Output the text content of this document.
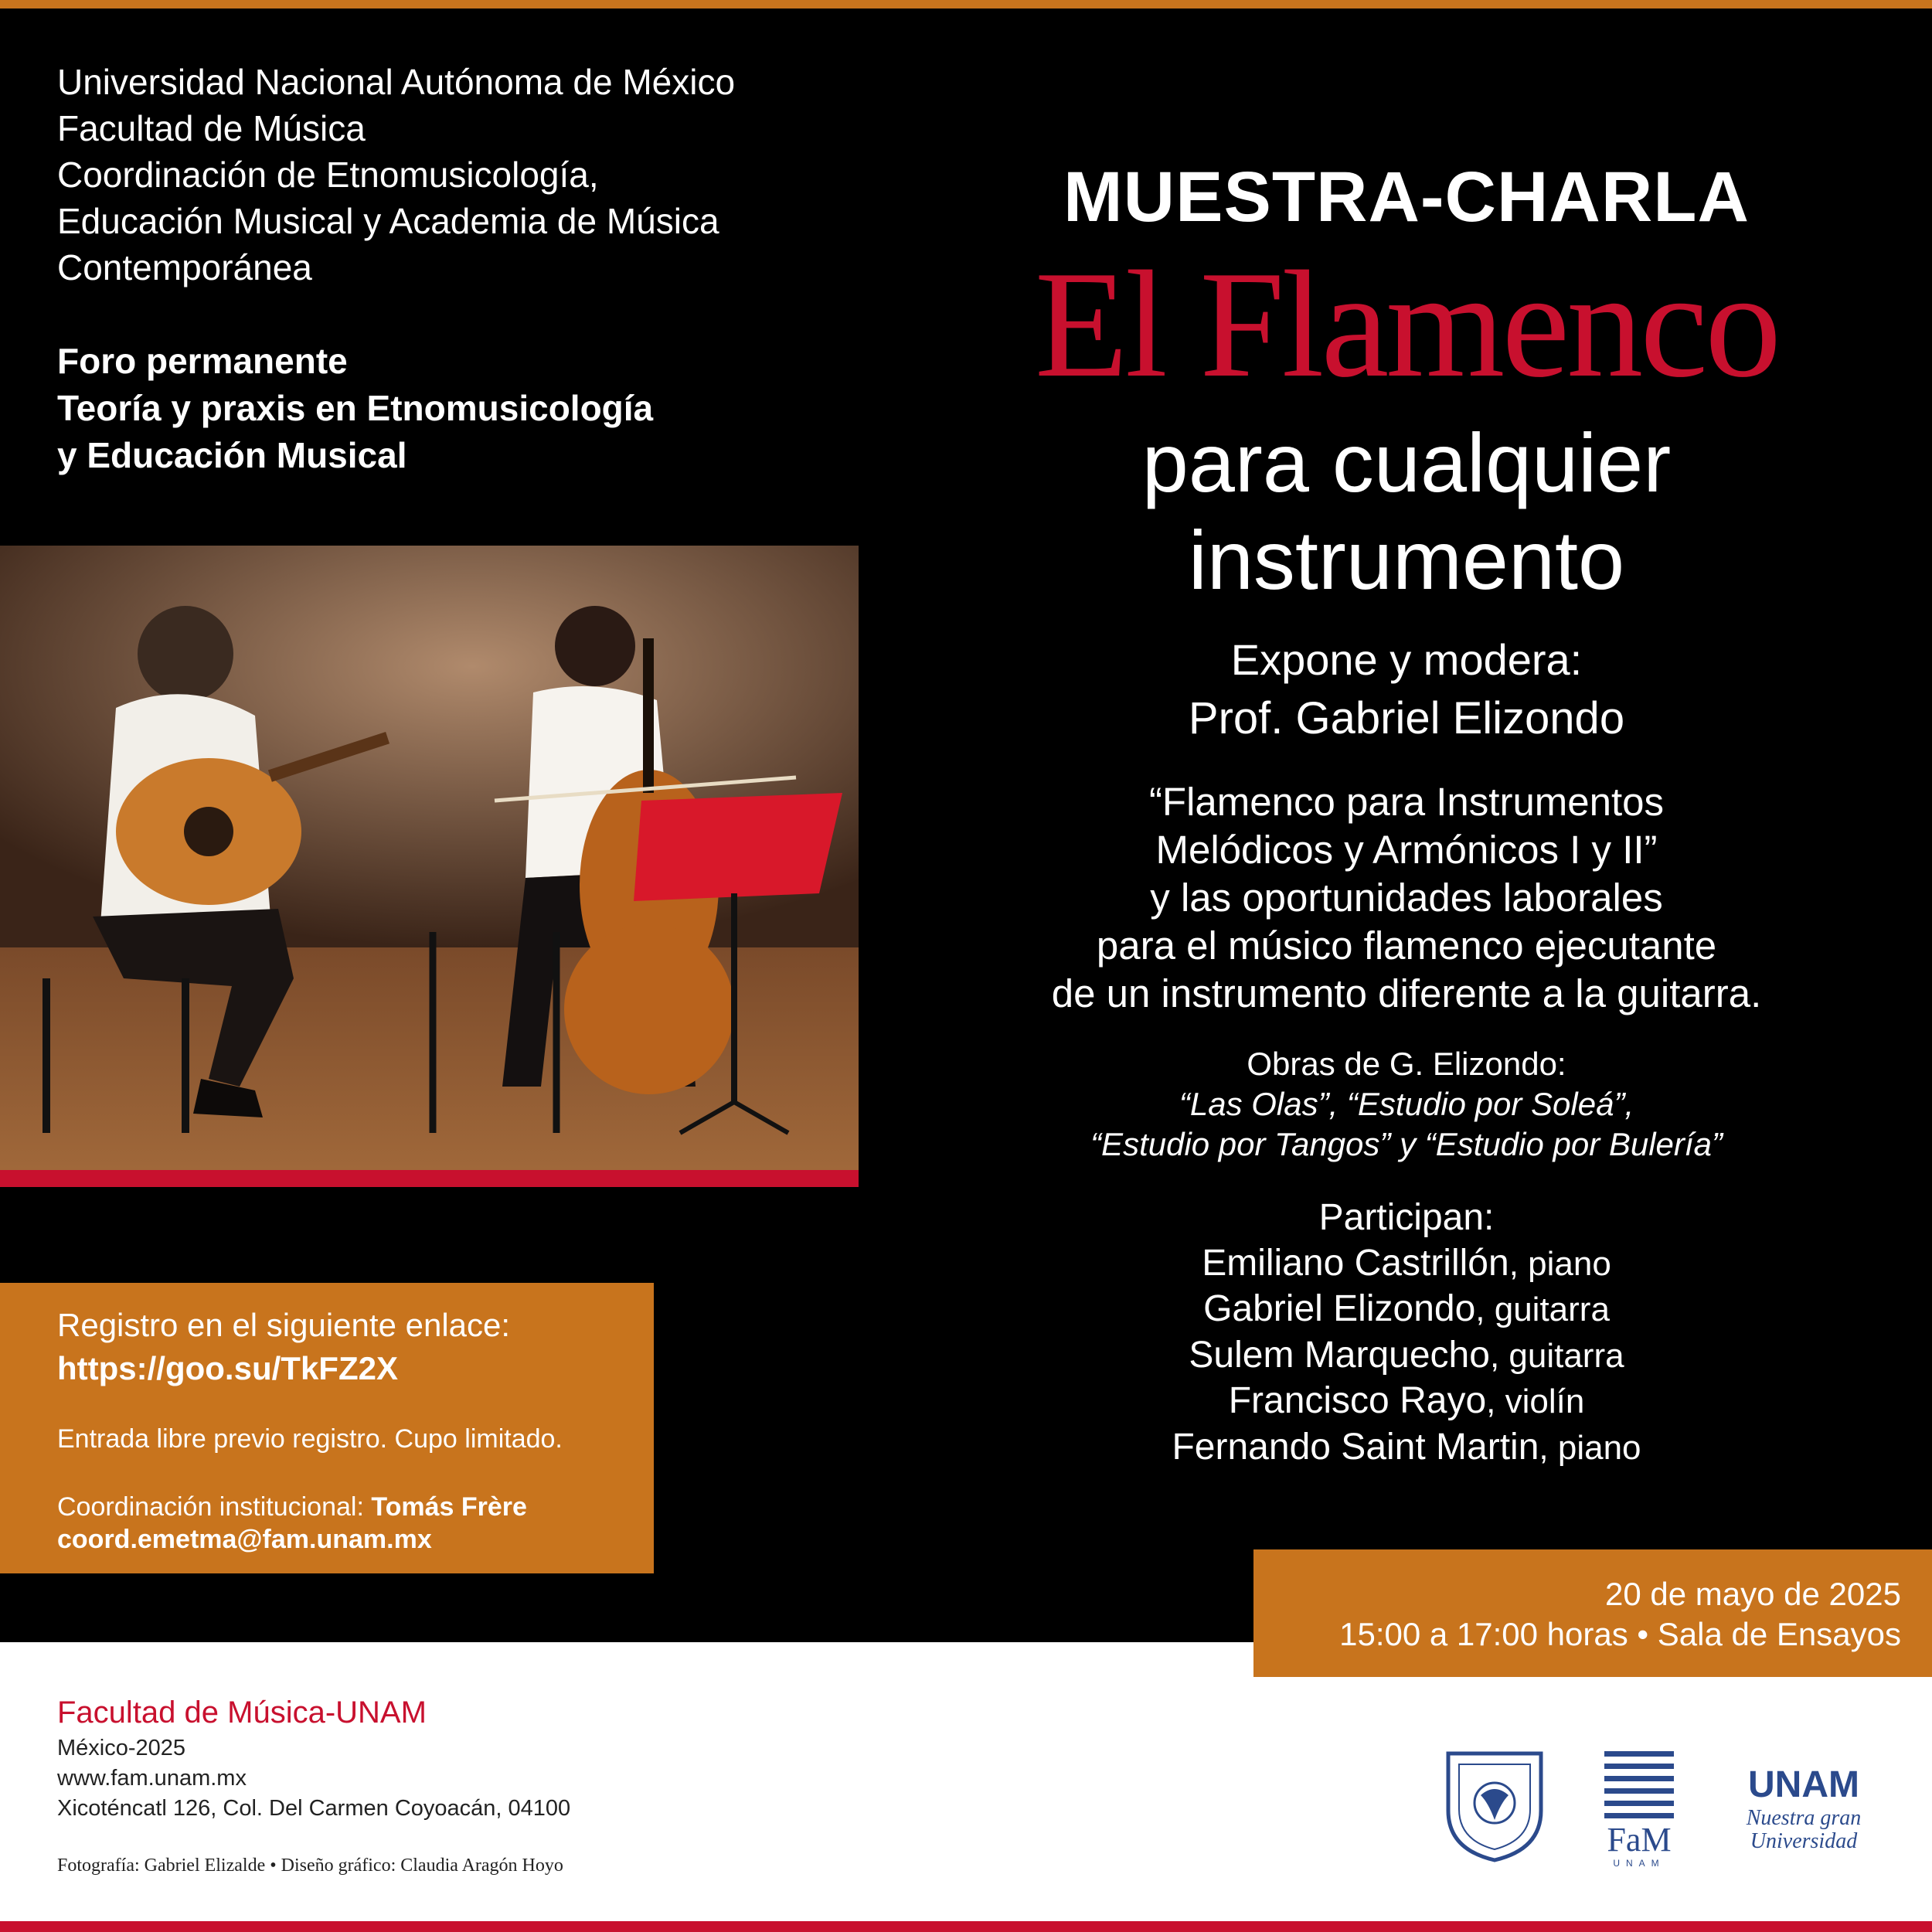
Universidad Nacional Autónoma de México
Facultad de Música
Coordinación de Etnomusicología,
Educación Musical y Academia de Música
Contemporánea
Foro permanente
Teoría y praxis en Etnomusicología
y Educación Musical
Registro en el siguiente enlace:
https://goo.su/TkFZ2X
Entrada libre previo registro. Cupo limitado.
Coordinación institucional: Tomás Frère
coord.emetma@fam.unam.mx
MUESTRA-CHARLA
El Flamenco
para cualquier
instrumento
Expone y modera:
Prof. Gabriel Elizondo
“Flamenco para Instrumentos
Melódicos y Armónicos I y II”
y las oportunidades laborales
para el músico flamenco ejecutante
de un instrumento diferente a la guitarra.
Obras de G. Elizondo:
“Las Olas”, “Estudio por Soleá”,
“Estudio por Tangos” y “Estudio por Bulería”
Participan:
Emiliano Castrillón, piano
Gabriel Elizondo, guitarra
Sulem Marquecho, guitarra
Francisco Rayo, violín
Fernando Saint Martin, piano
20 de mayo de 2025
15:00 a 17:00 horas • Sala de Ensayos
Facultad de Música-UNAM
México-2025
www.fam.unam.mx
Xicoténcatl 126, Col. Del Carmen Coyoacán, 04100
Fotografía: Gabriel Elizalde • Diseño gráfico: Claudia Aragón Hoyo
FaM
UNAM
UNAM
Nuestra gran
Universidad
